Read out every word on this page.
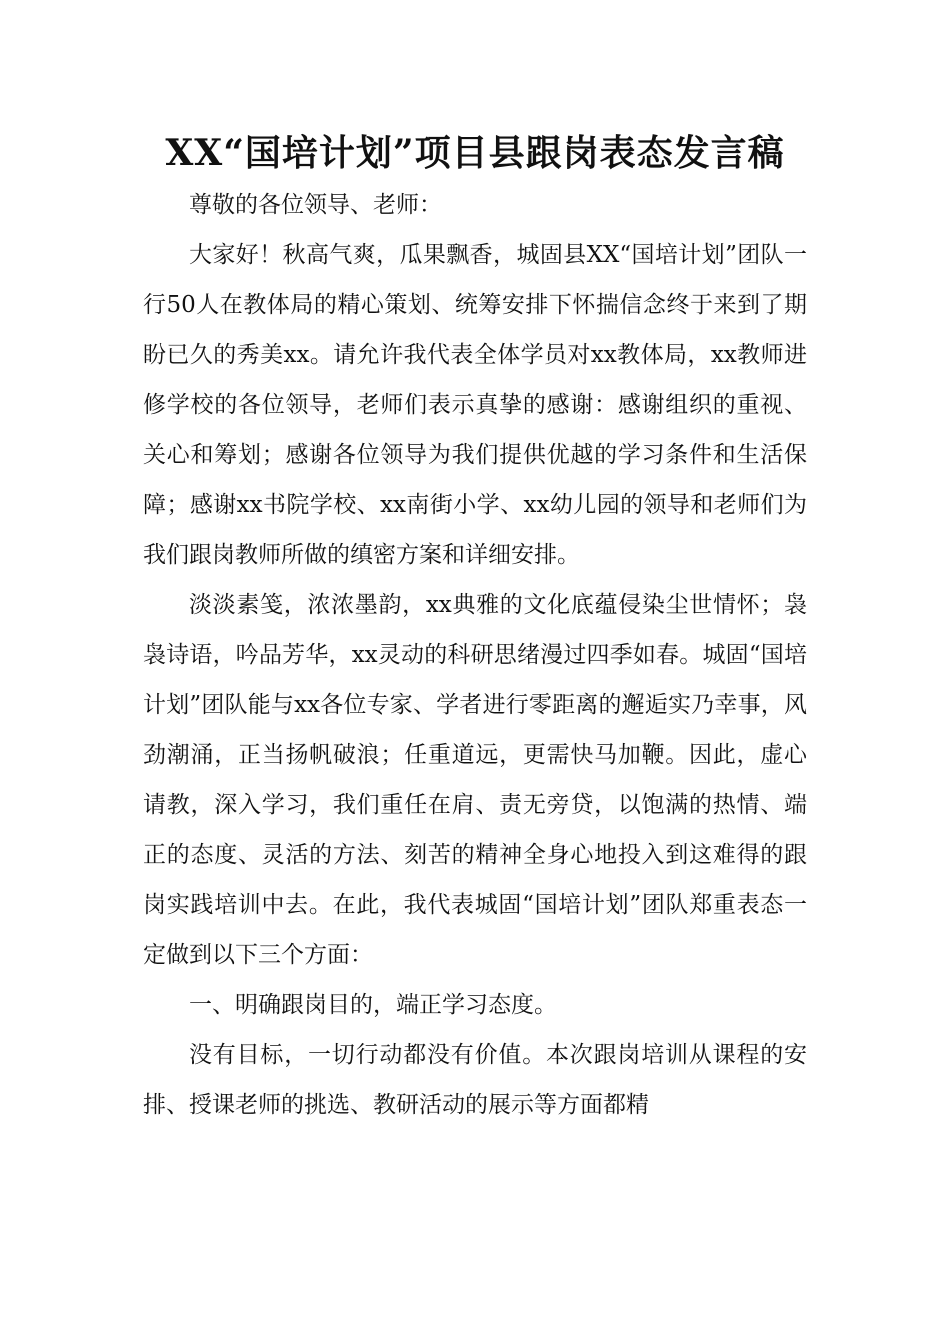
XX“国培计划”项目县跟岗表态发言稿

尊敬的各位领导、老师：

大家好！秋高气爽，瓜果飘香，城固县XX“国培计划”团队一行50人在教体局的精心策划、统筹安排下怀揣信念终于来到了期盼已久的秀美xx。请允许我代表全体学员对xx教体局，xx教师进修学校的各位领导，老师们表示真挚的感谢：感谢组织的重视、关心和筹划；感谢各位领导为我们提供优越的学习条件和生活保障；感谢xx书院学校、xx南街小学、xx幼儿园的领导和老师们为我们跟岗教师所做的缜密方案和详细安排。

淡淡素笺，浓浓墨韵，xx典雅的文化底蕴侵染尘世情怀；袅袅诗语，吟品芳华，xx灵动的科研思绪漫过四季如春。城固“国培计划”团队能与xx各位专家、学者进行零距离的邂逅实乃幸事，风劲潮涌，正当扬帆破浪；任重道远，更需快马加鞭。因此，虚心请教，深入学习，我们重任在肩、责无旁贷，以饱满的热情、端正的态度、灵活的方法、刻苦的精神全身心地投入到这难得的跟岗实践培训中去。在此，我代表城固“国培计划”团队郑重表态一定做到以下三个方面：

一、明确跟岗目的，端正学习态度。

没有目标，一切行动都没有价值。本次跟岗培训从课程的安排、授课老师的挑选、教研活动的展示等方面都精
